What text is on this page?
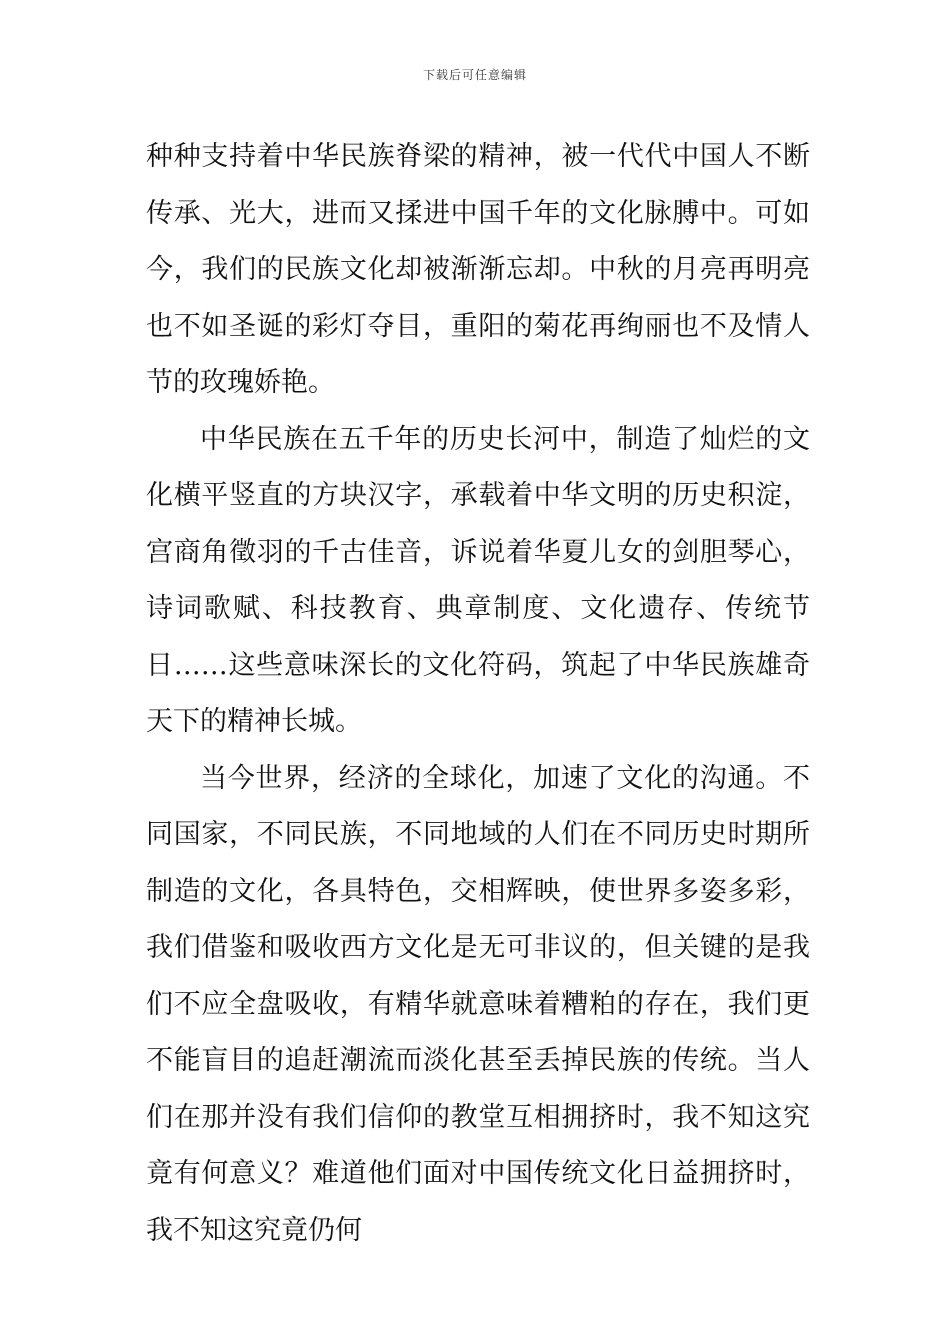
下载后可任意编辑

种种支持着中华民族脊梁的精神，被一代代中国人不断传承、光大，进而又揉进中国千年的文化脉膊中。可如今，我们的民族文化却被渐渐忘却。中秋的月亮再明亮也不如圣诞的彩灯夺目，重阳的菊花再绚丽也不及情人节的玫瑰娇艳。

中华民族在五千年的历史长河中，制造了灿烂的文化横平竖直的方块汉字，承载着中华文明的历史积淀，宫商角徵羽的千古佳音，诉说着华夏儿女的剑胆琴心，诗词歌赋、科技教育、典章制度、文化遗存、传统节日……这些意味深长的文化符码，筑起了中华民族雄奇天下的精神长城。

当今世界，经济的全球化，加速了文化的沟通。不同国家，不同民族，不同地域的人们在不同历史时期所制造的文化，各具特色，交相辉映，使世界多姿多彩，我们借鉴和吸收西方文化是无可非议的，但关键的是我们不应全盘吸收，有精华就意味着糟粕的存在，我们更不能盲目的追赶潮流而淡化甚至丢掉民族的传统。当人们在那并没有我们信仰的教堂互相拥挤时，我不知这究竟有何意义？难道他们面对中国传统文化日益拥挤时，我不知这究竟仍何
